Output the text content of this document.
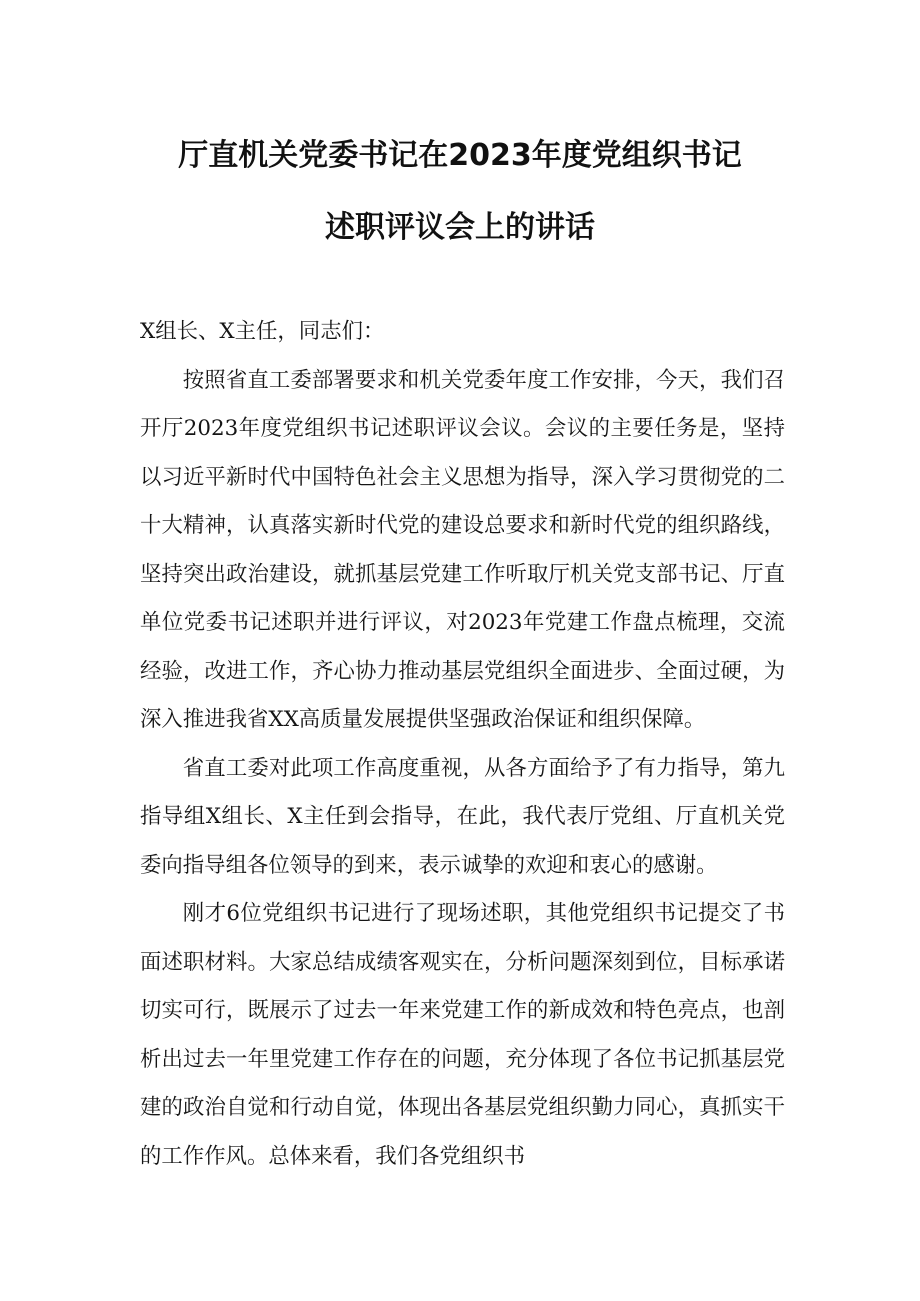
厅直机关党委书记在2023年度党组织书记
述职评议会上的讲话

X组长、X主任，同志们：

按照省直工委部署要求和机关党委年度工作安排，今天，我们召开厅2023年度党组织书记述职评议会议。会议的主要任务是，坚持以习近平新时代中国特色社会主义思想为指导，深入学习贯彻党的二十大精神，认真落实新时代党的建设总要求和新时代党的组织路线，坚持突出政治建设，就抓基层党建工作听取厅机关党支部书记、厅直单位党委书记述职并进行评议，对2023年党建工作盘点梳理，交流经验，改进工作，齐心协力推动基层党组织全面进步、全面过硬，为深入推进我省XX高质量发展提供坚强政治保证和组织保障。

省直工委对此项工作高度重视，从各方面给予了有力指导，第九指导组X组长、X主任到会指导，在此，我代表厅党组、厅直机关党委向指导组各位领导的到来，表示诚挚的欢迎和衷心的感谢。

刚才6位党组织书记进行了现场述职，其他党组织书记提交了书面述职材料。大家总结成绩客观实在，分析问题深刻到位，目标承诺切实可行，既展示了过去一年来党建工作的新成效和特色亮点，也剖析出过去一年里党建工作存在的问题，充分体现了各位书记抓基层党建的政治自觉和行动自觉，体现出各基层党组织勤力同心，真抓实干的工作作风。总体来看，我们各党组织书
